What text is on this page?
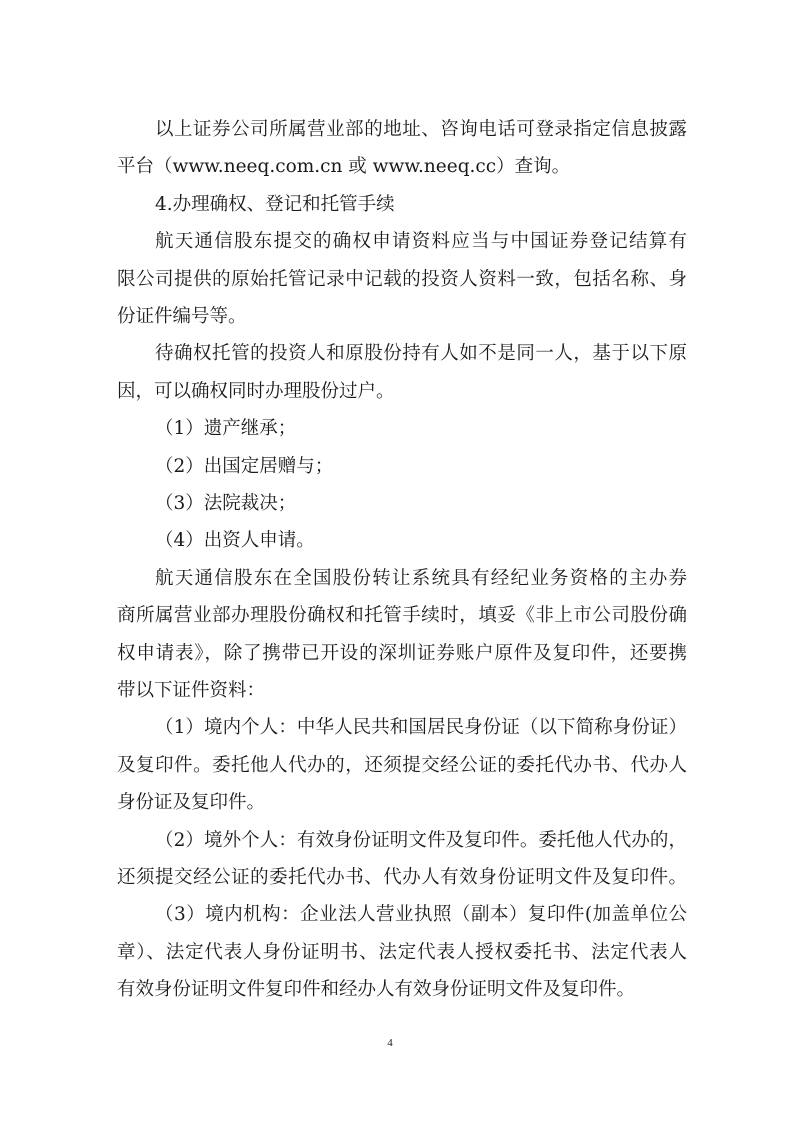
以上证券公司所属营业部的地址、咨询电话可登录指定信息披露
平台（www.neeq.com.cn 或 www.neeq.cc）查询。
4.办理确权、登记和托管手续
航天通信股东提交的确权申请资料应当与中国证券登记结算有
限公司提供的原始托管记录中记载的投资人资料一致，包括名称、身
份证件编号等。
待确权托管的投资人和原股份持有人如不是同一人，基于以下原
因，可以确权同时办理股份过户。
（1）遗产继承；
（2）出国定居赠与；
（3）法院裁决；
（4）出资人申请。
航天通信股东在全国股份转让系统具有经纪业务资格的主办券
商所属营业部办理股份确权和托管手续时，填妥《非上市公司股份确
权申请表》，除了携带已开设的深圳证券账户原件及复印件，还要携
带以下证件资料：
（1）境内个人：中华人民共和国居民身份证（以下简称身份证）
及复印件。委托他人代办的，还须提交经公证的委托代办书、代办人
身份证及复印件。
（2）境外个人：有效身份证明文件及复印件。委托他人代办的，
还须提交经公证的委托代办书、代办人有效身份证明文件及复印件。
（3）境内机构：企业法人营业执照（副本）复印件(加盖单位公
章）、法定代表人身份证明书、法定代表人授权委托书、法定代表人
有效身份证明文件复印件和经办人有效身份证明文件及复印件。
4
